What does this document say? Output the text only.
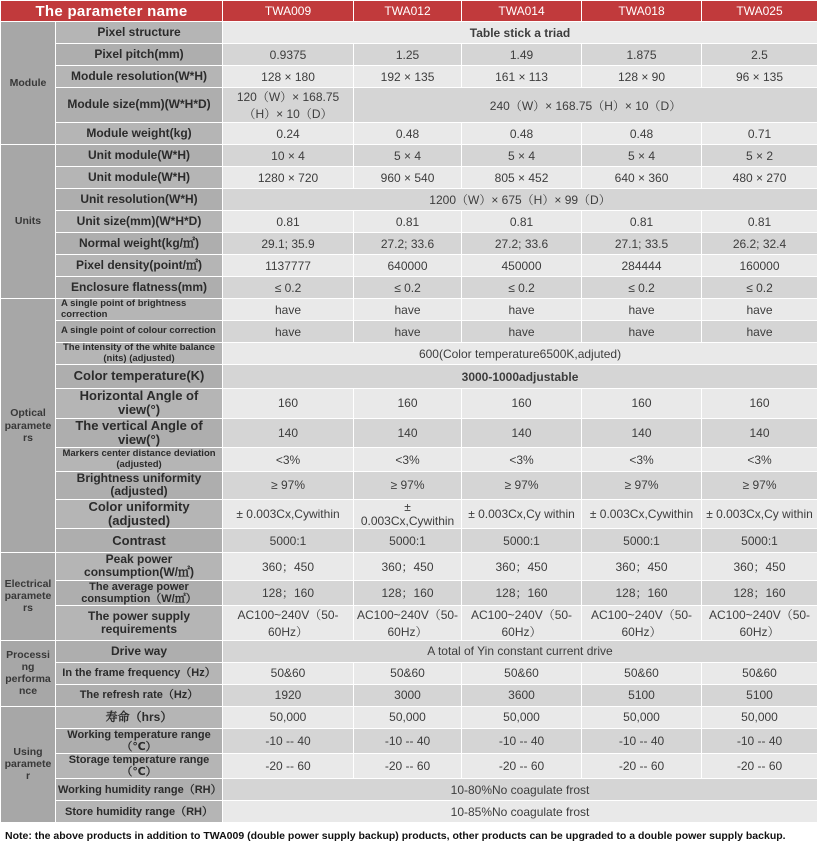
The parameter name		TWA009	TWA012	TWA014	TWA018	TWA025
Module	Pixel structure	Table stick a triad				
	Pixel pitch(mm)	0.9375	1.25	1.49	1.875	2.5
	Module resolution(W*H)	128 × 180	192 × 135	161 × 113	128 × 90	96 × 135
	Module size(mm)(W*H*D)	120（W）× 168.75（H）× 10（D）	240（W）× 168.75（H）× 10（D）			
	Module weight(kg)	0.24	0.48	0.48	0.48	0.71
Units	Unit module(W*H)	10 × 4	5 × 4	5 × 4	5 × 4	5 × 2
	Unit module(W*H)	1280 × 720	960 × 540	805 × 452	640 × 360	480 × 270
	Unit resolution(W*H)	1200（W）× 675（H）× 99（D）				
	Unit size(mm)(W*H*D)	0.81	0.81	0.81	0.81	0.81
	Normal weight(kg/㎡)	29.1; 35.9	27.2; 33.6	27.2; 33.6	27.1; 33.5	26.2; 32.4
	Pixel density(point/㎡)	1137777	640000	450000	284444	160000
	Enclosure flatness(mm)	≤ 0.2	≤ 0.2	≤ 0.2	≤ 0.2	≤ 0.2
Optical parameters	A single point of brightness correction	have	have	have	have	have
	A single point of colour correction	have	have	have	have	have
	The intensity of the white balance (nits) (adjusted)	600(Color temperature6500K,adjuted)				
	Color temperature(K)	3000-1000adjustable				
	Horizontal Angle of view(°)	160	160	160	160	160
	The vertical Angle of view(°)	140	140	140	140	140
	Markers center distance deviation (adjusted)	<3%	<3%	<3%	<3%	<3%
	Brightness uniformity (adjusted)	≥ 97%	≥ 97%	≥ 97%	≥ 97%	≥ 97%
	Color uniformity (adjusted)	± 0.003Cx,Cywithin	± 0.003Cx,Cywithin	± 0.003Cx,Cy within	± 0.003Cx,Cywithin	± 0.003Cx,Cy within
	Contrast	5000:1	5000:1	5000:1	5000:1	5000:1
Electrical parameters	Peak power consumption(W/㎡)	360；450	360；450	360；450	360；450	360；450
	The average power consumption（W/㎡）	128；160	128；160	128；160	128；160	128；160
	The power supply requirements	AC100~240V（50-60Hz）	AC100~240V（50-60Hz）	AC100~240V（50-60Hz）	AC100~240V（50-60Hz）	AC100~240V（50-60Hz）
Processing performance	Drive way	A total of Yin constant current drive				
	In the frame frequency（Hz）	50&60	50&60	50&60	50&60	50&60
	The refresh rate（Hz）	1920	3000	3600	5100	5100
Using parameter	寿命（hrs）	50,000	50,000	50,000	50,000	50,000
	Working temperature range（℃）	-10 -- 40	-10 -- 40	-10 -- 40	-10 -- 40	-10 -- 40
	Storage temperature range（℃）	-20 -- 60	-20 -- 60	-20 -- 60	-20 -- 60	-20 -- 60
	Working humidity range（RH）	10-80%No coagulate frost				
	Store humidity range（RH）	10-85%No coagulate frost				
Note: the above products in addition to TWA009 (double power supply backup) products, other products can be upgraded to a double power supply backup.
